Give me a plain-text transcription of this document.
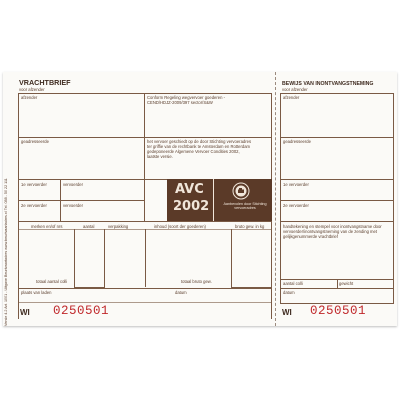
Versie 4.2 Art. 1001 - Uitgave Beurtvaartadres www.beurtvaartadres.nl Tel. 088 - 50 22 111
VRACHTBRIEF
voor afzender
afzender	Conform Regeling wegvervoer goederen - CEND/HDJZ-2009/397 sector/S&W
geadresseerde	het vervoer geschiedt op de door Stichting vervoeradres ter griffie van de rechtbank te Amsterdam en Rotterdam gedeponeerde Algemene Vervoer Condities 2002, laatste versie.
1e vervoerder	vervoerder
2e vervoerder	vervoerder
AVC
2002	Aanbevolen door Stichting vervoeradres
merken en/of nrs	aantal	verpakking	inhoud (soort der goederen)	bruto gew. in kg
totaal aantal colli	totaal bruto gew.
plaats van laden	datum
WI 0250501
BEWIJS VAN INONTVANGSTNEMING
voor afzender
afzender
geadresseerde
1e vervoerder
2e vervoerder
handtekening en stempel voor inontvangstname door vervoerder/inontvangstneming van de zending met gelijkgenummerde vrachtbrief
aantal colli	gewicht
datum
WI 0250501
